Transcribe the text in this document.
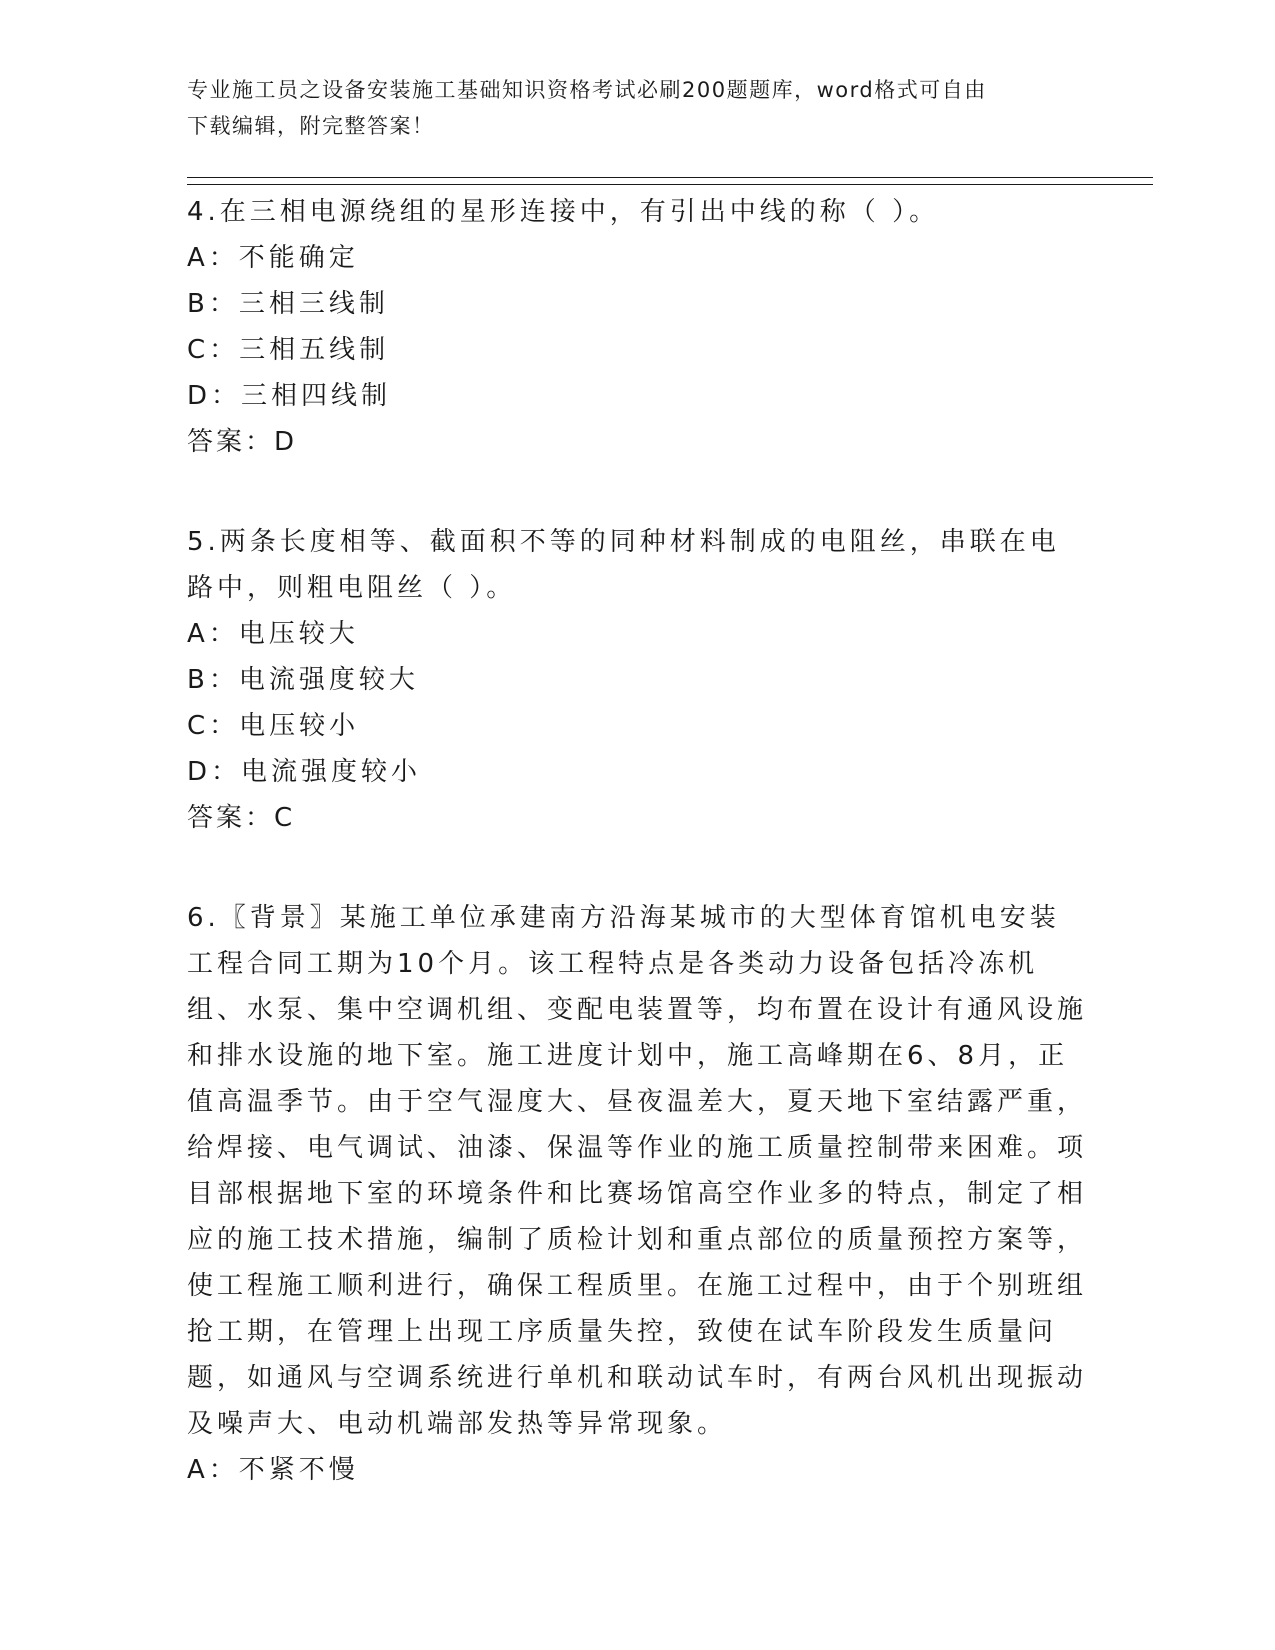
专业施工员之设备安装施工基础知识资格考试必刷200题题库，word格式可自由
下载编辑，附完整答案！

4.在三相电源绕组的星形连接中，有引出中线的称（ ）。

A：不能确定

B：三相三线制

C：三相五线制

D：三相四线制

答案：D

5.两条长度相等、截面积不等的同种材料制成的电阻丝，串联在电路中，则粗电阻丝（ ）。

A：电压较大

B：电流强度较大

C：电压较小

D：电流强度较小

答案：C

6.〖背景〗某施工单位承建南方沿海某城市的大型体育馆机电安装工程合同工期为10个月。该工程特点是各类动力设备包括冷冻机组、水泵、集中空调机组、变配电装置等，均布置在设计有通风设施和排水设施的地下室。施工进度计划中，施工高峰期在6、8月，正值高温季节。由于空气湿度大、昼夜温差大，夏天地下室结露严重，给焊接、电气调试、油漆、保温等作业的施工质量控制带来困难。项目部根据地下室的环境条件和比赛场馆高空作业多的特点，制定了相应的施工技术措施，编制了质检计划和重点部位的质量预控方案等，使工程施工顺利进行，确保工程质里。在施工过程中，由于个别班组抢工期，在管理上出现工序质量失控，致使在试车阶段发生质量问题，如通风与空调系统进行单机和联动试车时，有两台风机出现振动及噪声大、电动机端部发热等异常现象。

A：不紧不慢
